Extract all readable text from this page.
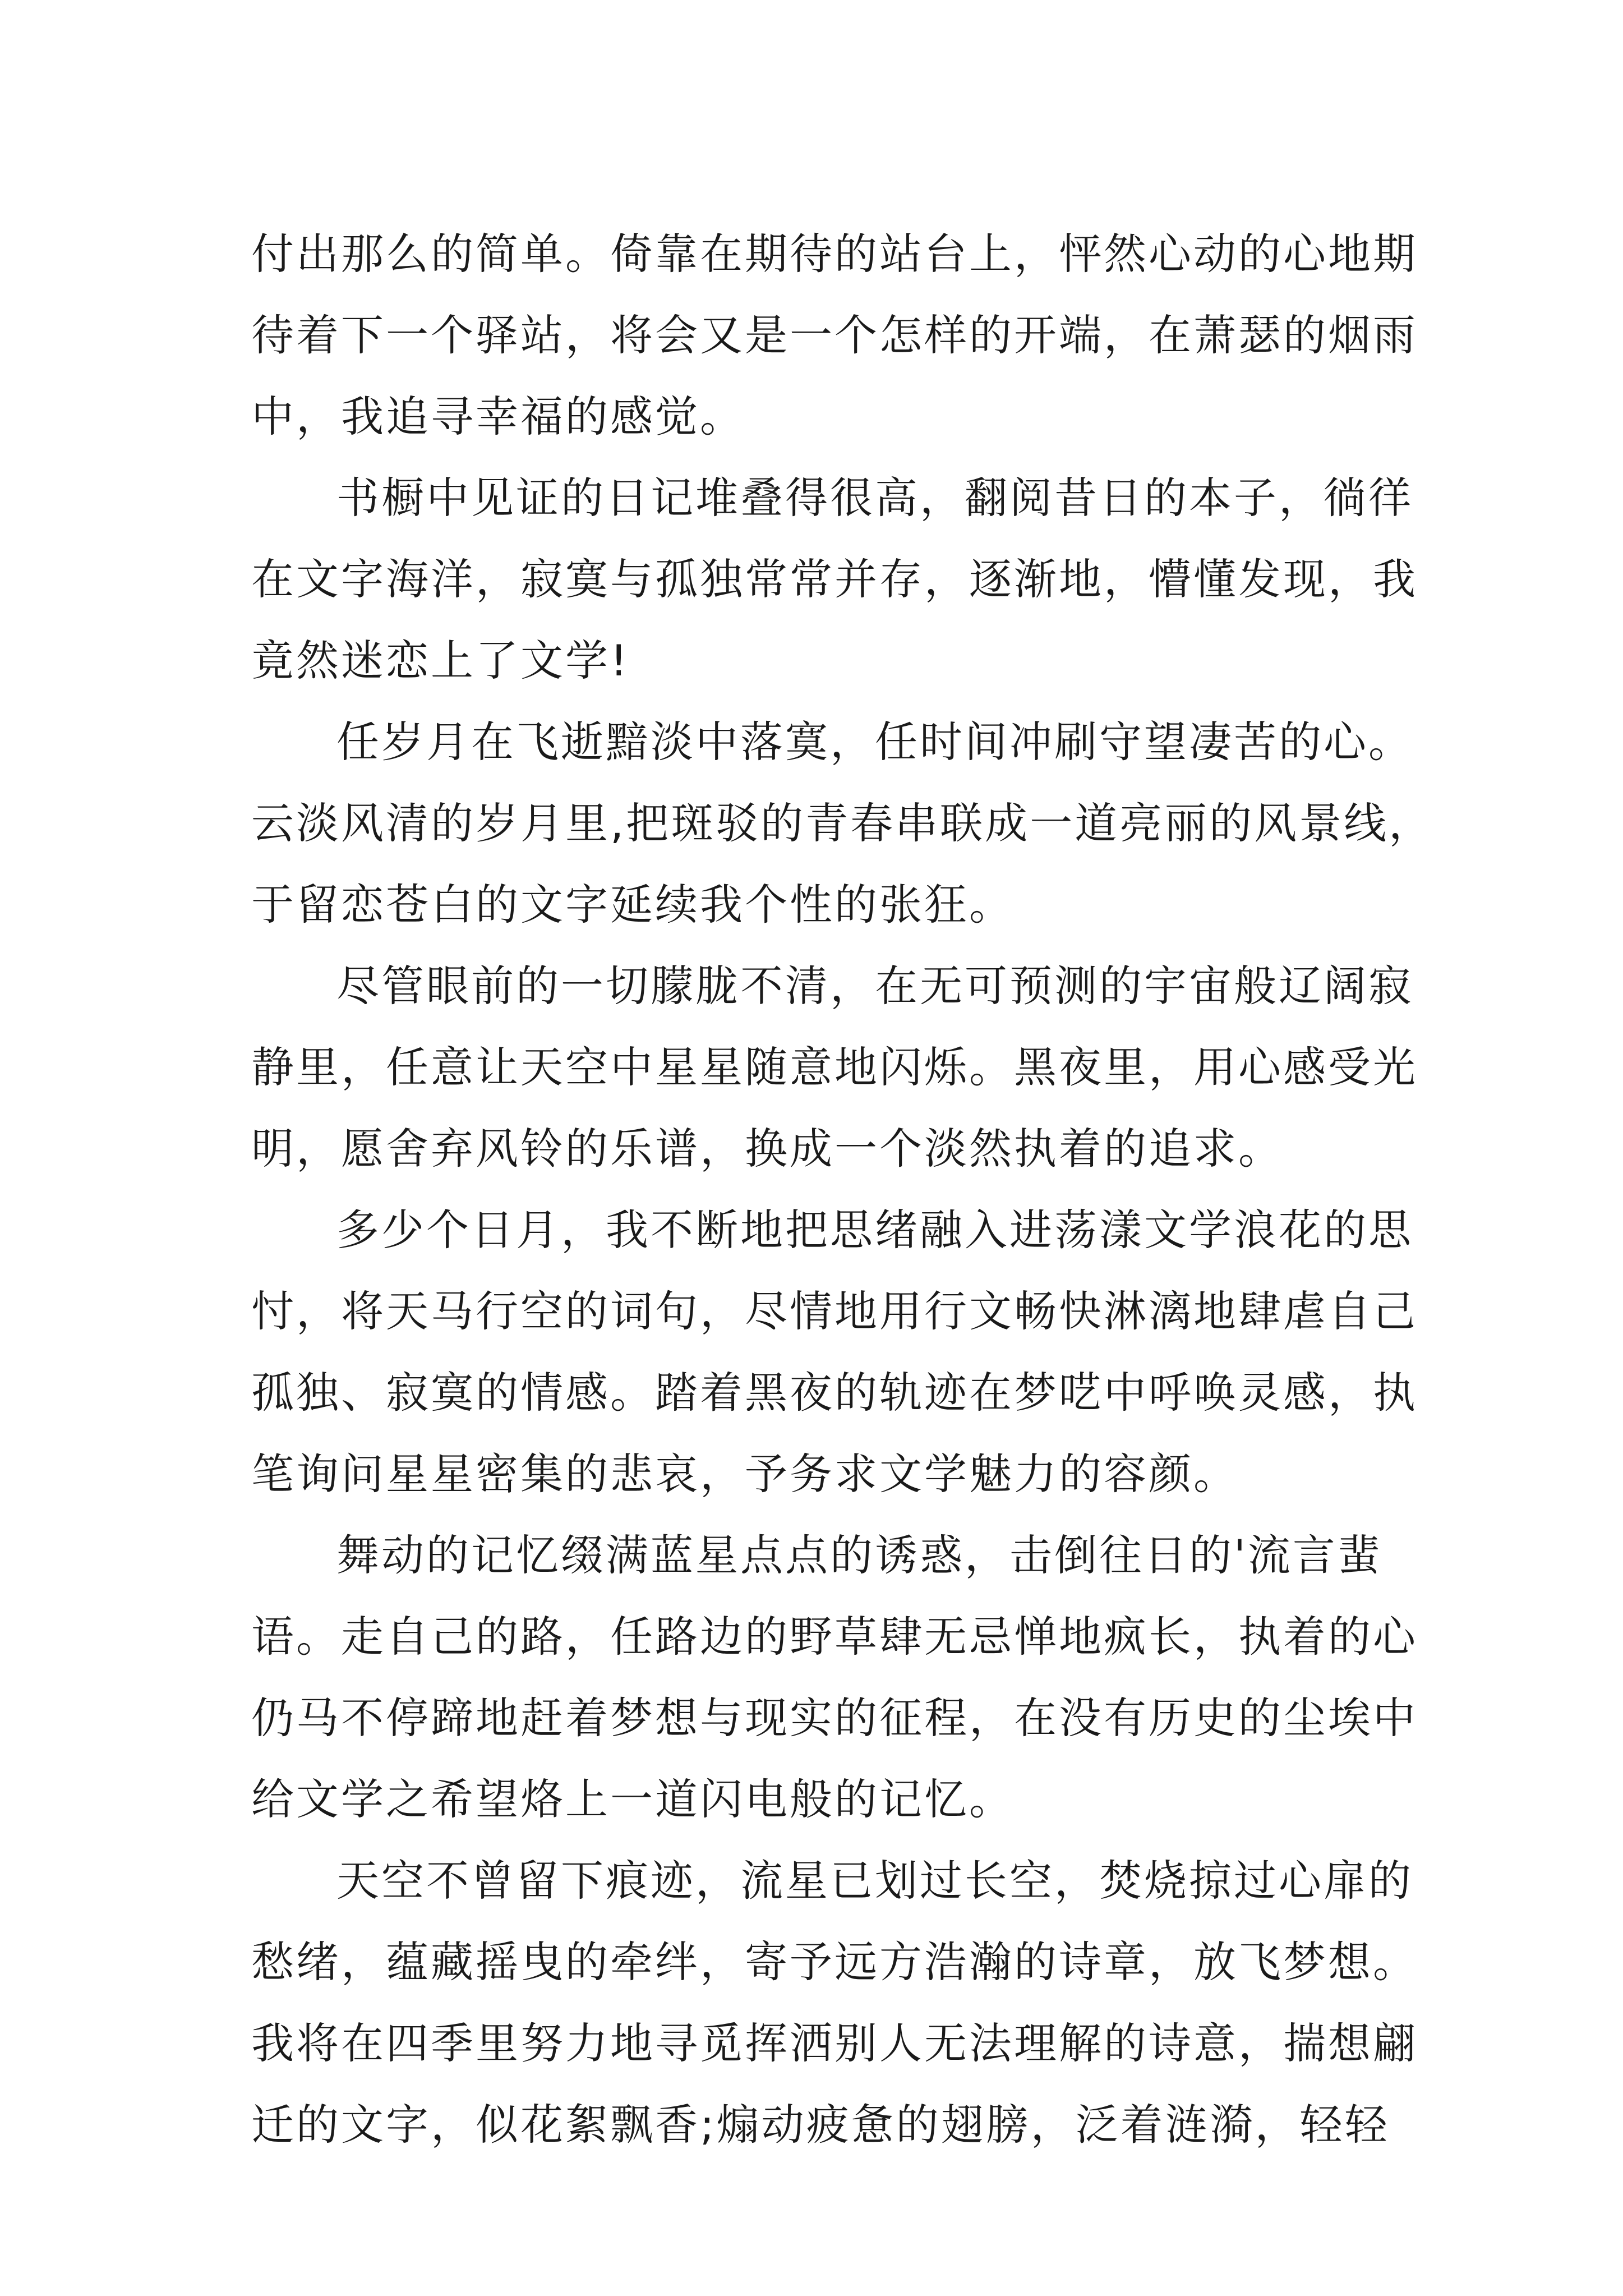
付出那么的简单。倚靠在期待的站台上，怦然心动的心地期
待着下一个驿站，将会又是一个怎样的开端，在萧瑟的烟雨
中，我追寻幸福的感觉。
书橱中见证的日记堆叠得很高，翻阅昔日的本子，徜徉
在文字海洋，寂寞与孤独常常并存，逐渐地，懵懂发现，我
竟然迷恋上了文学!
任岁月在飞逝黯淡中落寞，任时间冲刷守望凄苦的心。
云淡风清的岁月里,把斑驳的青春串联成一道亮丽的风景线，
于留恋苍白的文字延续我个性的张狂。
尽管眼前的一切朦胧不清，在无可预测的宇宙般辽阔寂
静里，任意让天空中星星随意地闪烁。黑夜里，用心感受光
明，愿舍弃风铃的乐谱，换成一个淡然执着的追求。
多少个日月，我不断地把思绪融入进荡漾文学浪花的思
忖，将天马行空的词句，尽情地用行文畅快淋漓地肆虐自己
孤独、寂寞的情感。踏着黑夜的轨迹在梦呓中呼唤灵感，执
笔询问星星密集的悲哀，予务求文学魅力的容颜。
舞动的记忆缀满蓝星点点的诱惑，击倒往日的'流言蜚
语。走自己的路，任路边的野草肆无忌惮地疯长，执着的心
仍马不停蹄地赶着梦想与现实的征程，在没有历史的尘埃中
给文学之希望烙上一道闪电般的记忆。
天空不曾留下痕迹，流星已划过长空，焚烧掠过心扉的
愁绪，蕴藏摇曳的牵绊，寄予远方浩瀚的诗章，放飞梦想。
我将在四季里努力地寻觅挥洒别人无法理解的诗意，揣想翩
迁的文字，似花絮飘香;煽动疲惫的翅膀，泛着涟漪，轻轻
